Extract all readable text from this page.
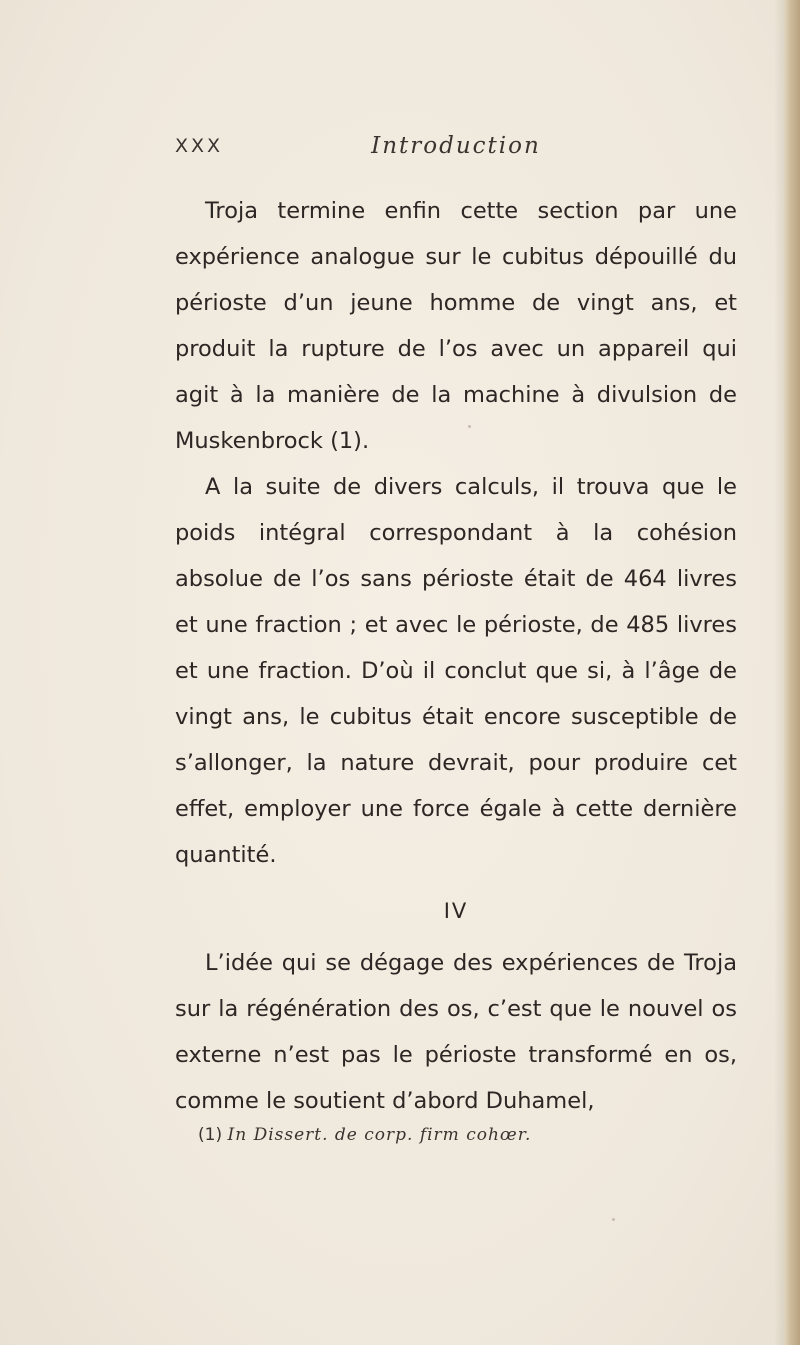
XXX	Introduction

Troja termine enfin cette section par une expérience analogue sur le cubitus dépouillé du périoste d’un jeune homme de vingt ans, et produit la rupture de l’os avec un appareil qui agit à la manière de la machine à divulsion de Muskenbrock (1).

A la suite de divers calculs, il trouva que le poids intégral correspondant à la cohésion absolue de l’os sans périoste était de 464 livres et une fraction ; et avec le périoste, de 485 livres et une fraction. D’où il conclut que si, à l’âge de vingt ans, le cubitus était encore susceptible de s’allonger, la nature devrait, pour produire cet effet, employer une force égale à cette dernière quantité.

IV

L’idée qui se dégage des expériences de Troja sur la régénération des os, c’est que le nouvel os externe n’est pas le périoste transformé en os, comme le soutient d’abord Duhamel,

(1) In Dissert. de corp. firm cohœr.
